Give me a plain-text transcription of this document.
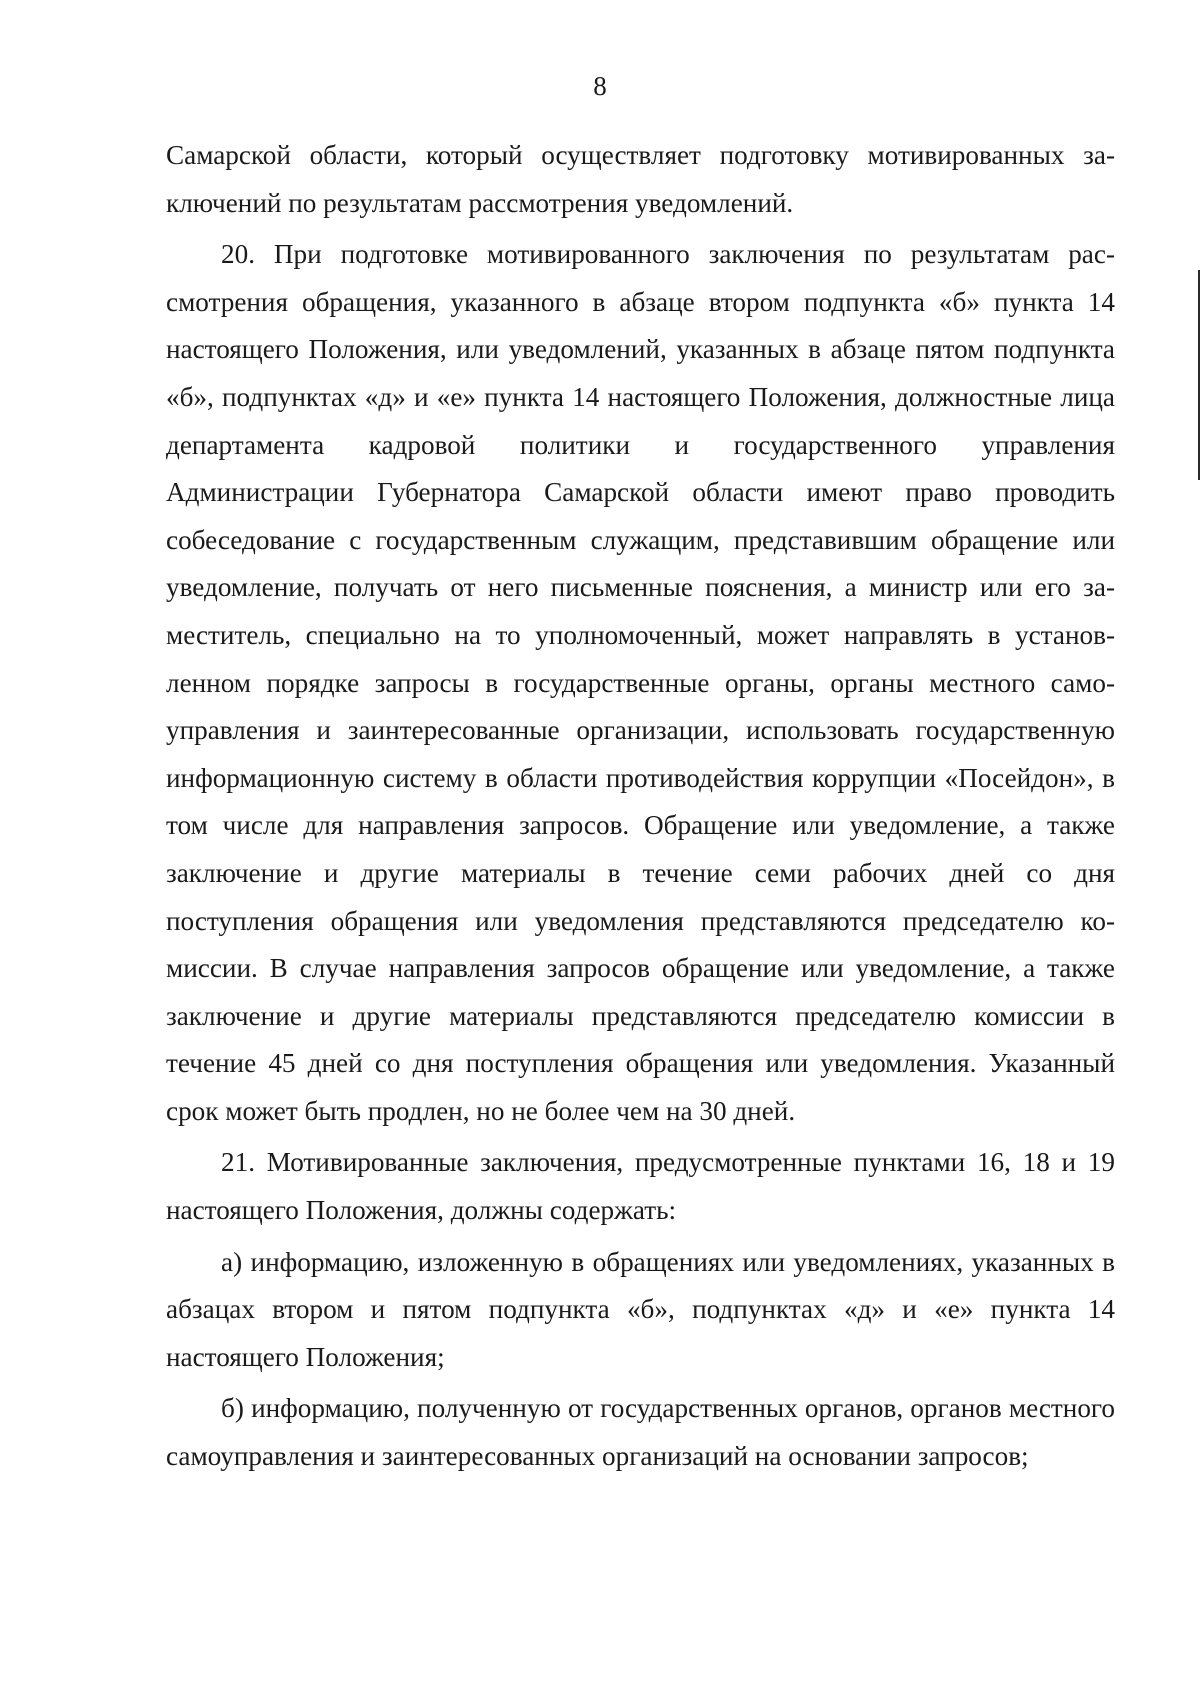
8

Самарской области, который осуществляет подготовку мотивированных заключений по результатам рассмотрения уведомлений.

20. При подготовке мотивированного заключения по результатам рассмотрения обращения, указанного в абзаце втором подпункта «б» пункта 14 настоящего Положения, или уведомлений, указанных в абзаце пятом подпункта «б», подпунктах «д» и «е» пункта 14 настоящего Положения, должностные лица департамента кадровой политики и государственного управления Администрации Губернатора Самарской области имеют право проводить собеседование с государственным служащим, представившим обращение или уведомление, получать от него письменные пояснения, а министр или его заместитель, специально на то уполномоченный, может направлять в установленном порядке запросы в государственные органы, органы местного самоуправления и заинтересованные организации, использовать государственную информационную систему в области противодействия коррупции «Посейдон», в том числе для направления запросов. Обращение или уведомление, а также заключение и другие материалы в течение семи рабочих дней со дня поступления обращения или уведомления представляются председателю комиссии. В случае направления запросов обращение или уведомление, а также заключение и другие материалы представляются председателю комиссии в течение 45 дней со дня поступления обращения или уведомления. Указанный срок может быть продлен, но не более чем на 30 дней.

21. Мотивированные заключения, предусмотренные пунктами 16, 18 и 19 настоящего Положения, должны содержать:

а) информацию, изложенную в обращениях или уведомлениях, указанных в абзацах втором и пятом подпункта «б», подпунктах «д» и «е» пункта 14 настоящего Положения;

б) информацию, полученную от государственных органов, органов местного самоуправления и заинтересованных организаций на основании запросов;
